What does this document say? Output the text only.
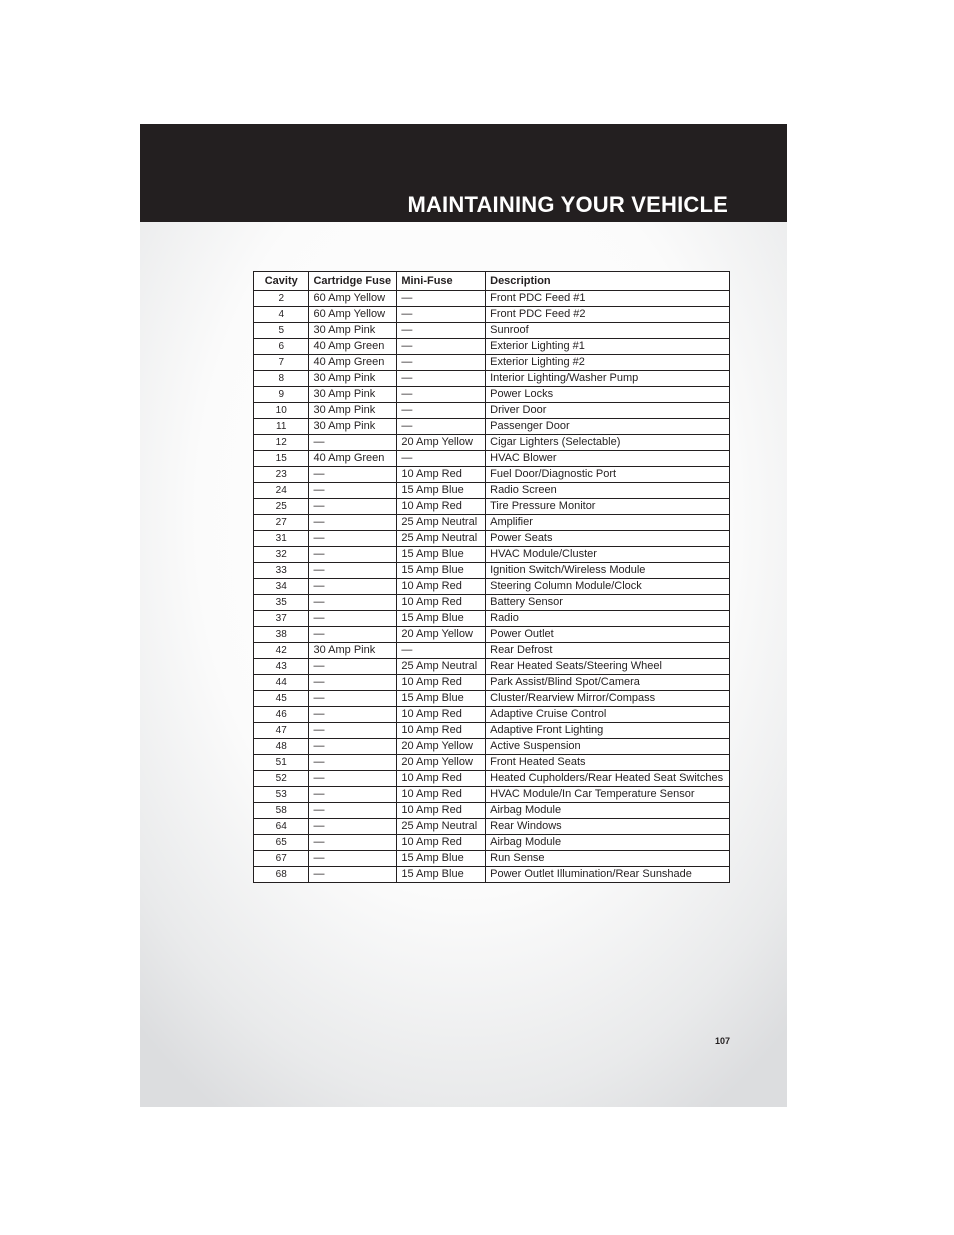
MAINTAINING YOUR VEHICLE
Cavity	Cartridge Fuse	Mini-Fuse	Description
2	60 Amp Yellow	—	Front PDC Feed #1
4	60 Amp Yellow	—	Front PDC Feed #2
5	30 Amp Pink	—	Sunroof
6	40 Amp Green	—	Exterior Lighting #1
7	40 Amp Green	—	Exterior Lighting #2
8	30 Amp Pink	—	Interior Lighting/Washer Pump
9	30 Amp Pink	—	Power Locks
10	30 Amp Pink	—	Driver Door
11	30 Amp Pink	—	Passenger Door
12	—	20 Amp Yellow	Cigar Lighters (Selectable)
15	40 Amp Green	—	HVAC Blower
23	—	10 Amp Red	Fuel Door/Diagnostic Port
24	—	15 Amp Blue	Radio Screen
25	—	10 Amp Red	Tire Pressure Monitor
27	—	25 Amp Neutral	Amplifier
31	—	25 Amp Neutral	Power Seats
32	—	15 Amp Blue	HVAC Module/Cluster
33	—	15 Amp Blue	Ignition Switch/Wireless Module
34	—	10 Amp Red	Steering Column Module/Clock
35	—	10 Amp Red	Battery Sensor
37	—	15 Amp Blue	Radio
38	—	20 Amp Yellow	Power Outlet
42	30 Amp Pink	—	Rear Defrost
43	—	25 Amp Neutral	Rear Heated Seats/Steering Wheel
44	—	10 Amp Red	Park Assist/Blind Spot/Camera
45	—	15 Amp Blue	Cluster/Rearview Mirror/Compass
46	—	10 Amp Red	Adaptive Cruise Control
47	—	10 Amp Red	Adaptive Front Lighting
48	—	20 Amp Yellow	Active Suspension
51	—	20 Amp Yellow	Front Heated Seats
52	—	10 Amp Red	Heated Cupholders/Rear Heated Seat Switches
53	—	10 Amp Red	HVAC Module/In Car Temperature Sensor
58	—	10 Amp Red	Airbag Module
64	—	25 Amp Neutral	Rear Windows
65	—	10 Amp Red	Airbag Module
67	—	15 Amp Blue	Run Sense
68	—	15 Amp Blue	Power Outlet Illumination/Rear Sunshade
107
